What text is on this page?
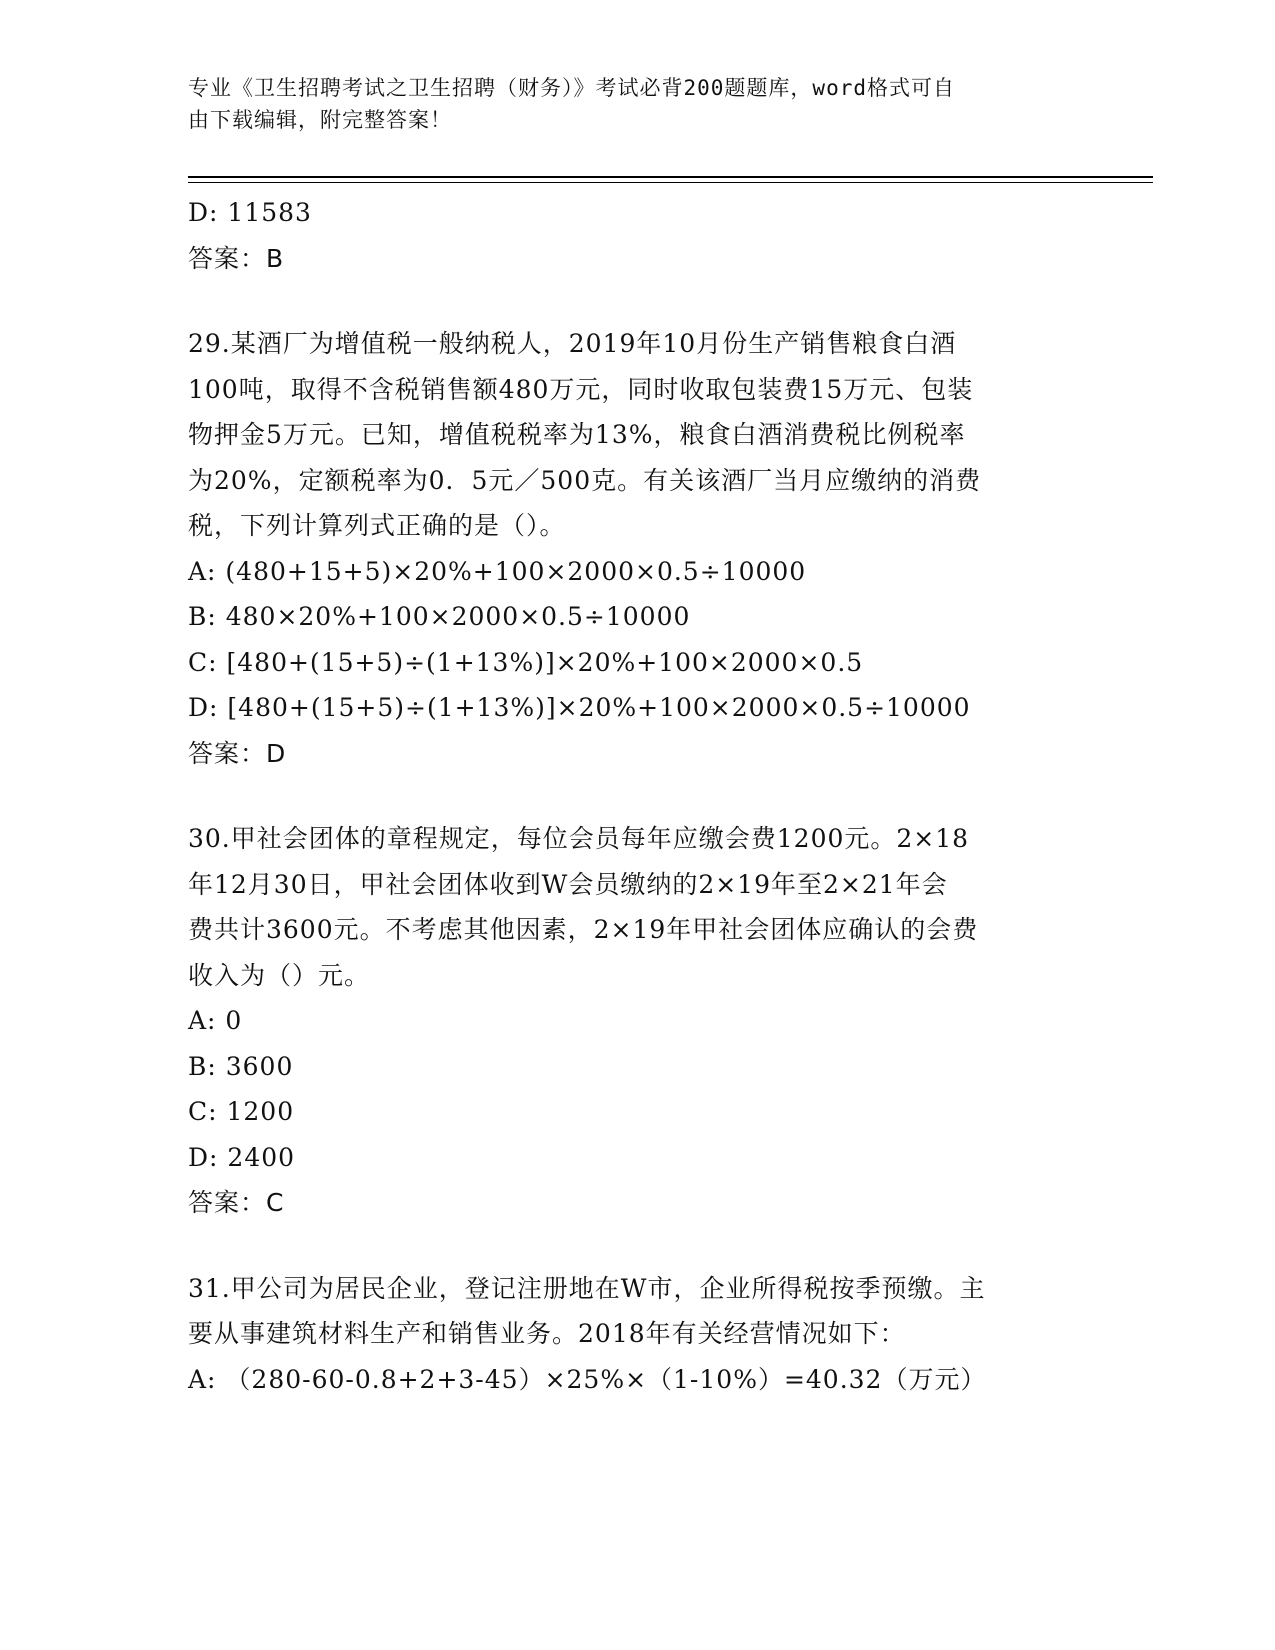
专业《卫生招聘考试之卫生招聘（财务）》考试必背200题题库，word格式可自
由下载编辑，附完整答案！
D: 11583
答案：B
29.某酒厂为增值税一般纳税人，2019年10月份生产销售粮食白酒
100吨，取得不含税销售额480万元，同时收取包装费15万元、包装
物押金5万元。已知，增值税税率为13%，粮食白酒消费税比例税率
为20%，定额税率为0．5元／500克。有关该酒厂当月应缴纳的消费
税，下列计算列式正确的是（）。
A: (480+15+5)×20%+100×2000×0.5÷10000
B: 480×20%+100×2000×0.5÷10000
C: [480+(15+5)÷(1+13%)]×20%+100×2000×0.5
D: [480+(15+5)÷(1+13%)]×20%+100×2000×0.5÷10000
答案：D
30.甲社会团体的章程规定，每位会员每年应缴会费1200元。2×18
年12月30日，甲社会团体收到W会员缴纳的2×19年至2×21年会
费共计3600元。不考虑其他因素，2×19年甲社会团体应确认的会费
收入为（）元。
A: 0
B: 3600
C: 1200
D: 2400
答案：C
31.甲公司为居民企业，登记注册地在W市，企业所得税按季预缴。主
要从事建筑材料生产和销售业务。2018年有关经营情况如下：
A: （280-60-0.8+2+3-45）×25%×（1-10%）=40.32（万元）
